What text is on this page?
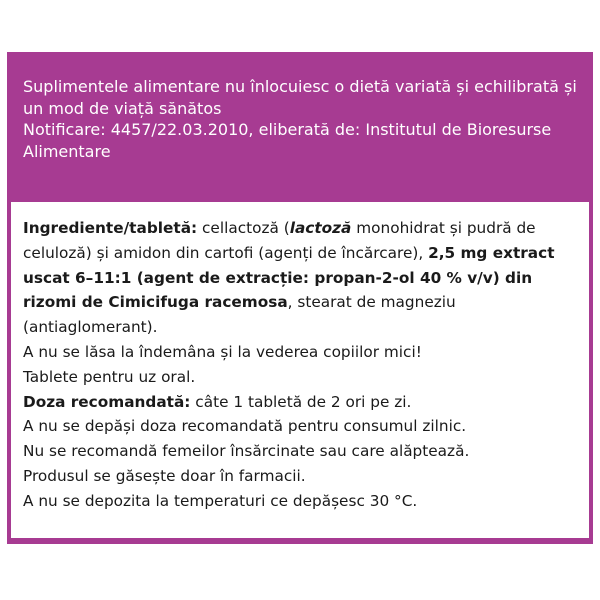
Suplimentele alimentare nu înlocuiesc o dietă variată și echilibrată și un mod de viață sănătos

Notificare: 4457/22.03.2010, eliberată de: Institutul de Bioresurse Alimentare

Ingrediente/tabletă: cellactoză (lactoză monohidrat și pudră de celuloză) și amidon din cartofi (agenți de încărcare), 2,5 mg extract uscat 6–11:1 (agent de extracție: propan-2-ol 40 % v/v) din rizomi de Cimicifuga racemosa, stearat de magneziu (antiaglomerant).

A nu se lăsa la îndemâna și la vederea copiilor mici!

Tablete pentru uz oral.

Doza recomandată: câte 1 tabletă de 2 ori pe zi.

A nu se depăși doza recomandată pentru consumul zilnic.

Nu se recomandă femeilor însărcinate sau care alăptează.

Produsul se găsește doar în farmacii.

A nu se depozita la temperaturi ce depășesc 30 °C.
